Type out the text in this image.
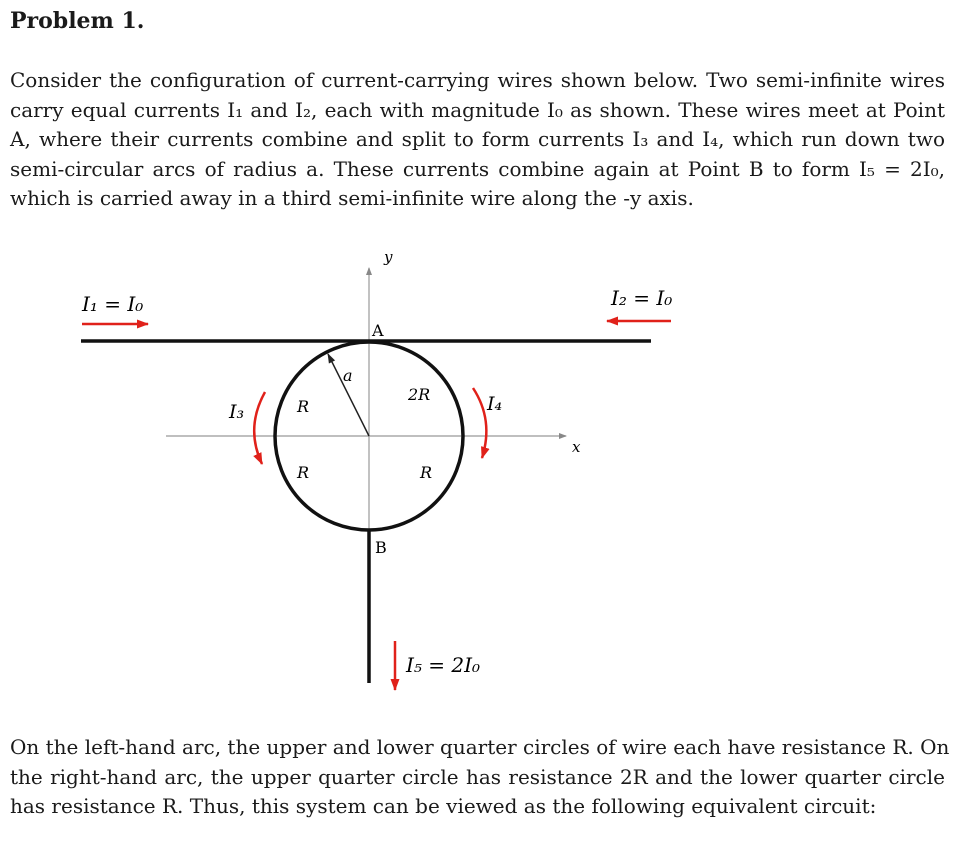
Problem 1.
Consider the configuration of current-carrying wires shown below. Two semi-infinite wires
carry equal currents I₁ and I₂, each with magnitude I₀ as shown. These wires meet at Point
A, where their currents combine and split to form currents I₃ and I₄, which run down two
semi-circular arcs of radius a. These currents combine again at Point B to form I₅ = 2I₀,
which is carried away in a third semi-infinite wire along the -y axis.
y
x
a
A
B
R
R
2R
R
I₁ = I₀	I₂ = I₀
I₃	I₄
I₅ = 2I₀
On the left-hand arc, the upper and lower quarter circles of wire each have resistance R. On
the right-hand arc, the upper quarter circle has resistance 2R and the lower quarter circle
has resistance R. Thus, this system can be viewed as the following equivalent circuit:
